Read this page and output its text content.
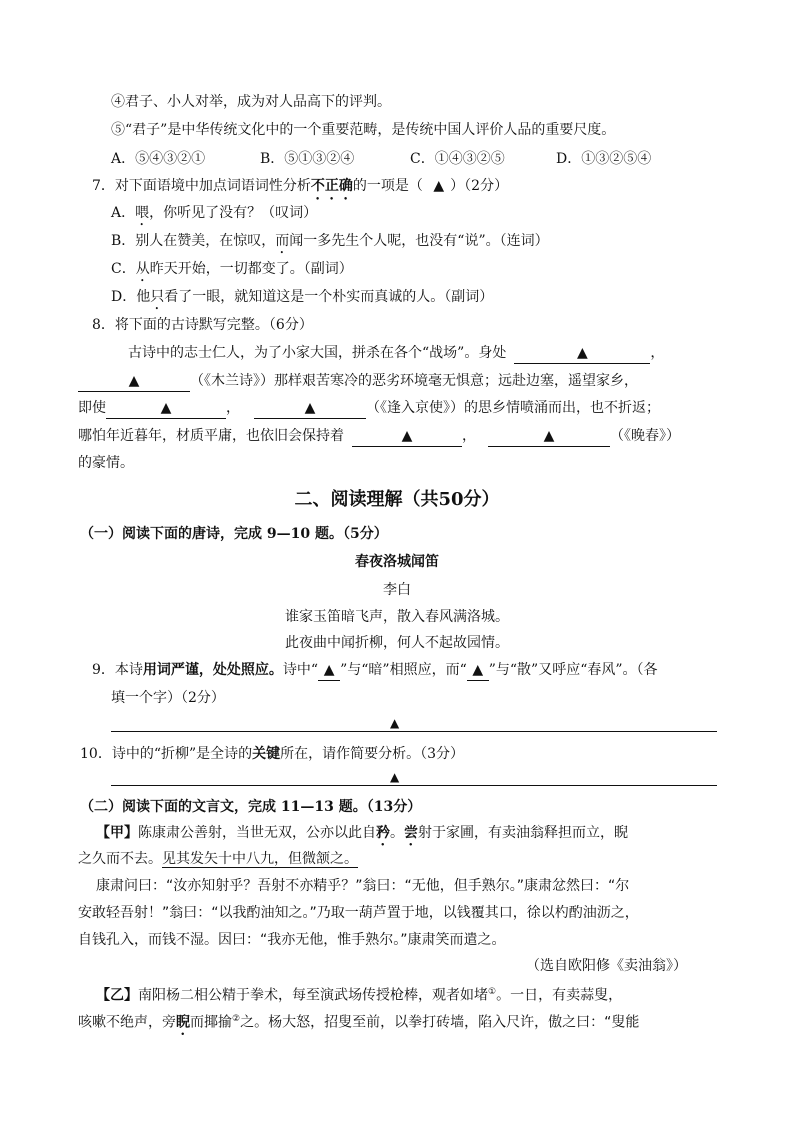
④君子、小人对举，成为对人品高下的评判。
⑤“君子”是中华传统文化中的一个重要范畴，是传统中国人评价人品的重要尺度。
A．⑤④③②①	B．⑤①③②④	C．①④③②⑤	D．①③②⑤④
7．对下面语境中加点词语词性分析不正确的一项是（ ▲ ）（2分）
A．喂，你听见了没有？（叹词）
B．别人在赞美，在惊叹，而闻一多先生个人呢，也没有“说”。（连词）
C．从昨天开始，一切都变了。（副词）
D．他只看了一眼，就知道这是一个朴实而真诚的人。（副词）
8．将下面的古诗默写完整。（6分）
古诗中的志士仁人，为了小家大国，拼杀在各个“战场”。身处	▲	，
▲	（《木兰诗》）那样艰苦寒冷的恶劣环境毫无惧意；远赴边塞，遥望家乡，
即使	▲	，	▲	（《逢入京使》）的思乡情喷涌而出，也不折返；
哪怕年近暮年，材质平庸，也依旧会保持着	▲	，	▲	（《晚春》）
的豪情。
二、阅读理解（共50分）
（一）阅读下面的唐诗，完成 9—10 题。（5分）
春夜洛城闻笛
李白
谁家玉笛暗飞声，散入春风满洛城。
此夜曲中闻折柳，何人不起故园情。
9．本诗用词严谨，处处照应。诗中“ ▲ ”与“暗”相照应，而“ ▲ ”与“散”又呼应“春风”。（各
填一个字）（2分）
▲
10．诗中的“折柳”是全诗的关键所在，请作简要分析。（3分）
▲
（二）阅读下面的文言文，完成 11—13 题。（13分）
【甲】陈康肃公善射，当世无双，公亦以此自矜。尝射于家圃，有卖油翁释担而立，睨
之久而不去。见其发矢十中八九，但微颔之。
康肃问曰：“汝亦知射乎？吾射不亦精乎？”翁曰：“无他，但手熟尔。”康肃忿然曰：“尔
安敢轻吾射！”翁曰：“以我酌油知之。”乃取一葫芦置于地，以钱覆其口，徐以杓酌油沥之，
自钱孔入，而钱不湿。因曰：“我亦无他，惟手熟尔。”康肃笑而遣之。
（选自欧阳修《卖油翁》）
【乙】南阳杨二相公精于拳术，每至演武场传授枪棒，观者如堵①。一日，有卖蒜叟，
咳嗽不绝声，旁睨而揶揄②之。杨大怒，招叟至前，以拳打砖墙，陷入尺许，傲之曰：“叟能
